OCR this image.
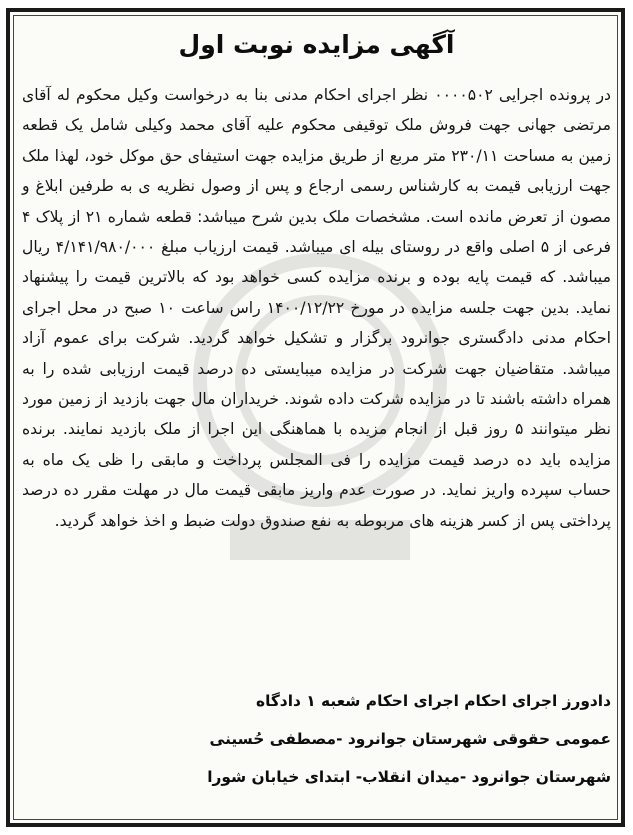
آگهی مزایده نوبت اول

در پرونده اجرایی ۰۰۰۰۵۰۲ نظر اجرای احکام مدنی بنا به درخواست وکیل محکوم له آقای مرتضی جهانی جهت فروش ملک توقیفی محکوم علیه آقای محمد وکیلی شامل یک قطعه زمین به مساحت ۲۳۰/۱۱ متر مربع از طریق مزایده جهت استیفای حق موکل خود، لهذا ملک جهت ارزیابی قیمت به کارشناس رسمی ارجاع و پس از وصول نظریه ی به طرفین ابلاغ و مصون از تعرض مانده است. مشخصات ملک بدین شرح میباشد: قطعه شماره ۲۱ از پلاک ۴ فرعی از ۵ اصلی واقع در روستای بیله ای میباشد. قیمت ارزیاب مبلغ ۴/۱۴۱/۹۸۰/۰۰۰ ریال میباشد. که قیمت پایه بوده و برنده مزایده کسی خواهد بود که بالاترین قیمت را پیشنهاد نماید. بدین جهت جلسه مزایده در مورخ ۱۴۰۰/۱۲/۲۲ راس ساعت ۱۰ صبح در محل اجرای احکام مدنی دادگستری جوانرود برگزار و تشکیل خواهد گردید. شرکت برای عموم آزاد میباشد. متقاضیان جهت شرکت در مزایده میبایستی ده درصد قیمت ارزیابی شده را به همراه داشته باشند تا در مزایده شرکت داده شوند. خریداران مال جهت بازدید از زمین مورد نظر میتوانند ۵ روز قبل از انجام مزیده با هماهنگی این اجرا از ملک بازدید نمایند. برنده مزایده باید ده درصد قیمت مزایده را فی المجلس پرداخت و مابقی را ظی یک ماه به حساب سپرده واریز نماید. در صورت عدم واریز مابقی قیمت مال در مهلت مقرر ده درصد پرداختی پس از کسر هزینه های مربوطه به نفع صندوق دولت ضبط و اخذ خواهد گردید.

دادورز اجرای احکام اجرای احکام شعبه ۱ دادگاه
عمومی حقوقی شهرستان جوانرود -مصطفی حُسینی
شهرستان جوانرود -میدان انقلاب- ابتدای خیابان شورا
